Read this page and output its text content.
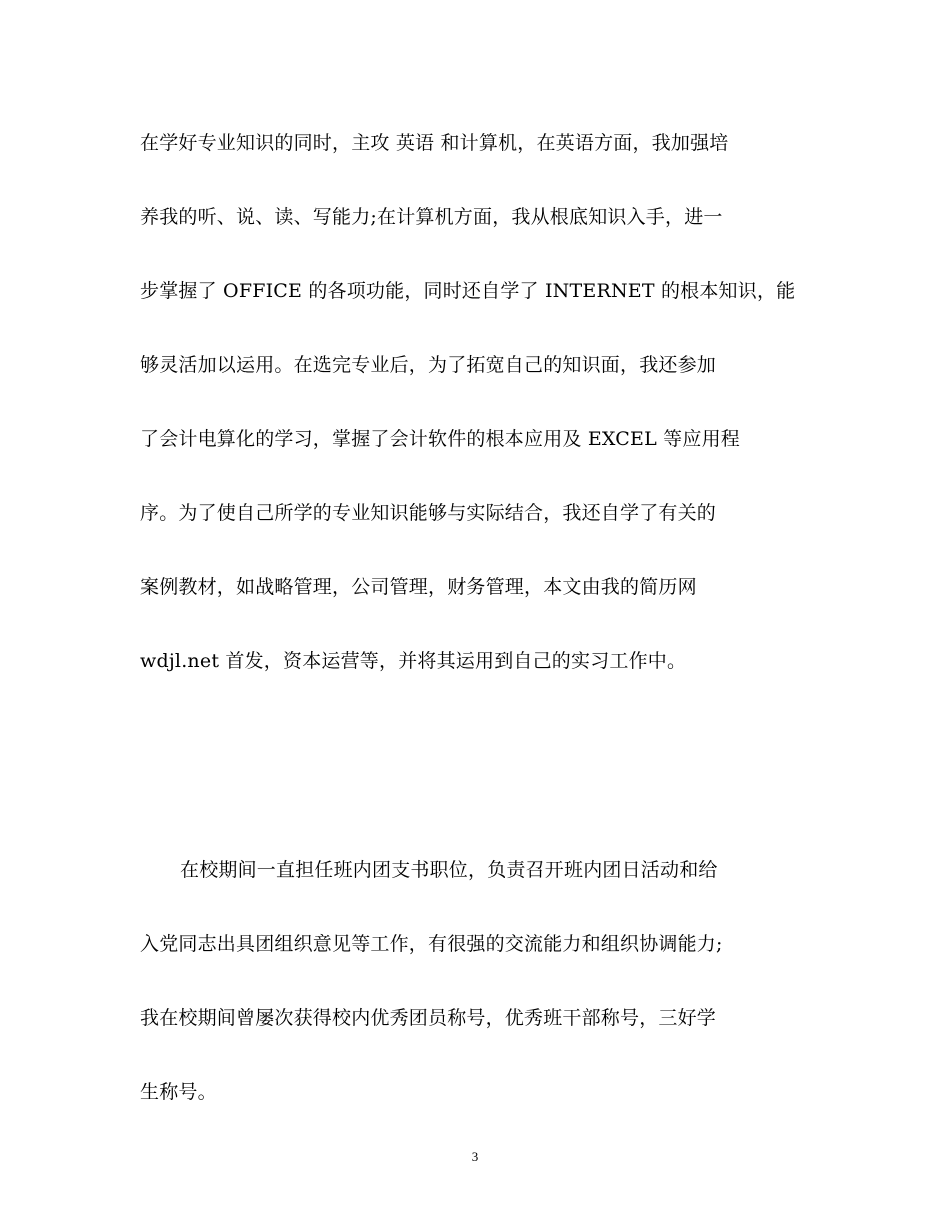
在学好专业知识的同时，主攻 英语 和计算机，在英语方面，我加强培
养我的听、说、读、写能力;在计算机方面，我从根底知识入手，进一
步掌握了 OFFICE 的各项功能，同时还自学了 INTERNET 的根本知识，能
够灵活加以运用。在选完专业后，为了拓宽自己的知识面，我还参加
了会计电算化的学习，掌握了会计软件的根本应用及 EXCEL 等应用程
序。为了使自己所学的专业知识能够与实际结合，我还自学了有关的
案例教材，如战略管理，公司管理，财务管理，本文由我的简历网
wdjl.net 首发，资本运营等，并将其运用到自己的实习工作中。
在校期间一直担任班内团支书职位，负责召开班内团日活动和给
入党同志出具团组织意见等工作，有很强的交流能力和组织协调能力;
我在校期间曾屡次获得校内优秀团员称号，优秀班干部称号，三好学
生称号。
3
